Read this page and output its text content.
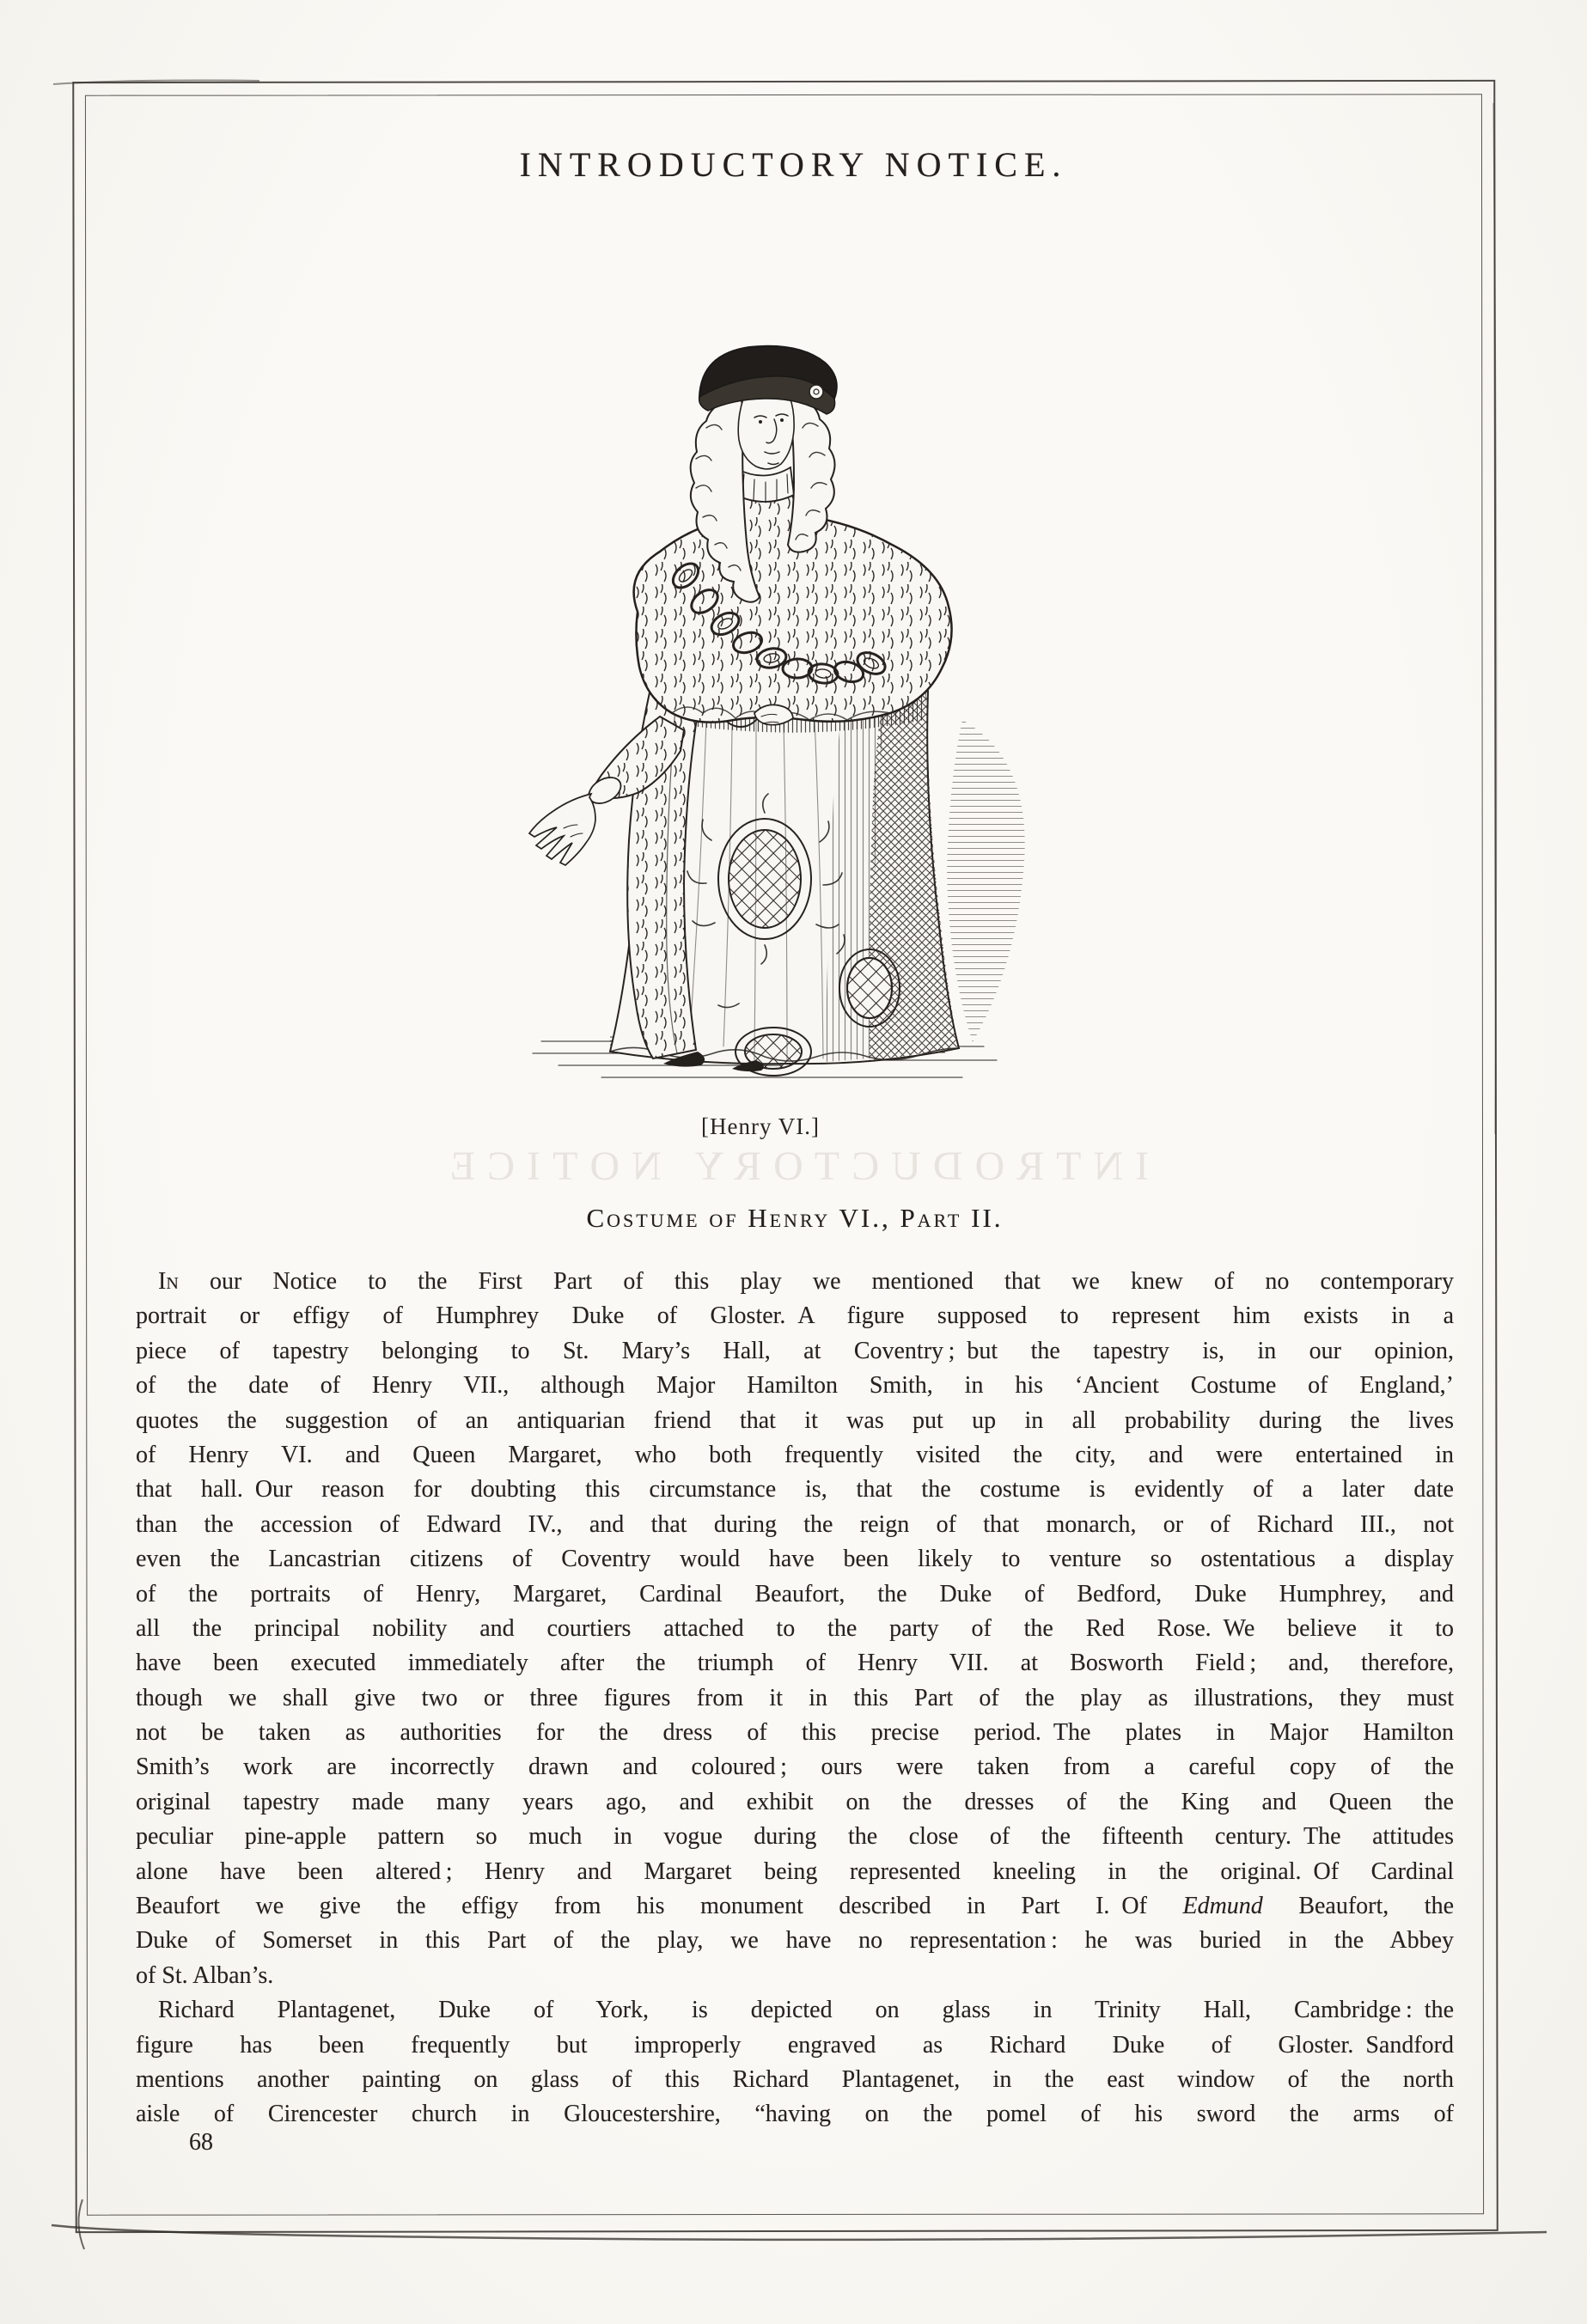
INTRODUCTORY NOTICE.
[Henry VI.]
INTRODUCTORY NOTICE
Costume of Henry VI., Part II.
In our Notice to the First Part of this play we mentioned that we knew of no contemporary
portrait or effigy of Humphrey Duke of Gloster. A figure supposed to represent him exists in a
piece of tapestry belonging to St. Mary’s Hall, at Coventry ; but the tapestry is, in our opinion,
of the date of Henry VII., although Major Hamilton Smith, in his ‘Ancient Costume of England,’
quotes the suggestion of an antiquarian friend that it was put up in all probability during the lives
of Henry VI. and Queen Margaret, who both frequently visited the city, and were entertained in
that hall. Our reason for doubting this circumstance is, that the costume is evidently of a later date
than the accession of Edward IV., and that during the reign of that monarch, or of Richard III., not
even the Lancastrian citizens of Coventry would have been likely to venture so ostentatious a display
of the portraits of Henry, Margaret, Cardinal Beaufort, the Duke of Bedford, Duke Humphrey, and
all the principal nobility and courtiers attached to the party of the Red Rose. We believe it to
have been executed immediately after the triumph of Henry VII. at Bosworth Field ; and, therefore,
though we shall give two or three figures from it in this Part of the play as illustrations, they must
not be taken as authorities for the dress of this precise period. The plates in Major Hamilton
Smith’s work are incorrectly drawn and coloured ; ours were taken from a careful copy of the
original tapestry made many years ago, and exhibit on the dresses of the King and Queen the
peculiar pine-apple pattern so much in vogue during the close of the fifteenth century. The attitudes
alone have been altered ; Henry and Margaret being represented kneeling in the original. Of Cardinal
Beaufort we give the effigy from his monument described in Part I. Of Edmund Beaufort, the
Duke of Somerset in this Part of the play, we have no representation : he was buried in the Abbey
of St. Alban’s.
Richard Plantagenet, Duke of York, is depicted on glass in Trinity Hall, Cambridge : the
figure has been frequently but improperly engraved as Richard Duke of Gloster. Sandford
mentions another painting on glass of this Richard Plantagenet, in the east window of the north
aisle of Cirencester church in Gloucestershire, “having on the pomel of his sword the arms of
68
